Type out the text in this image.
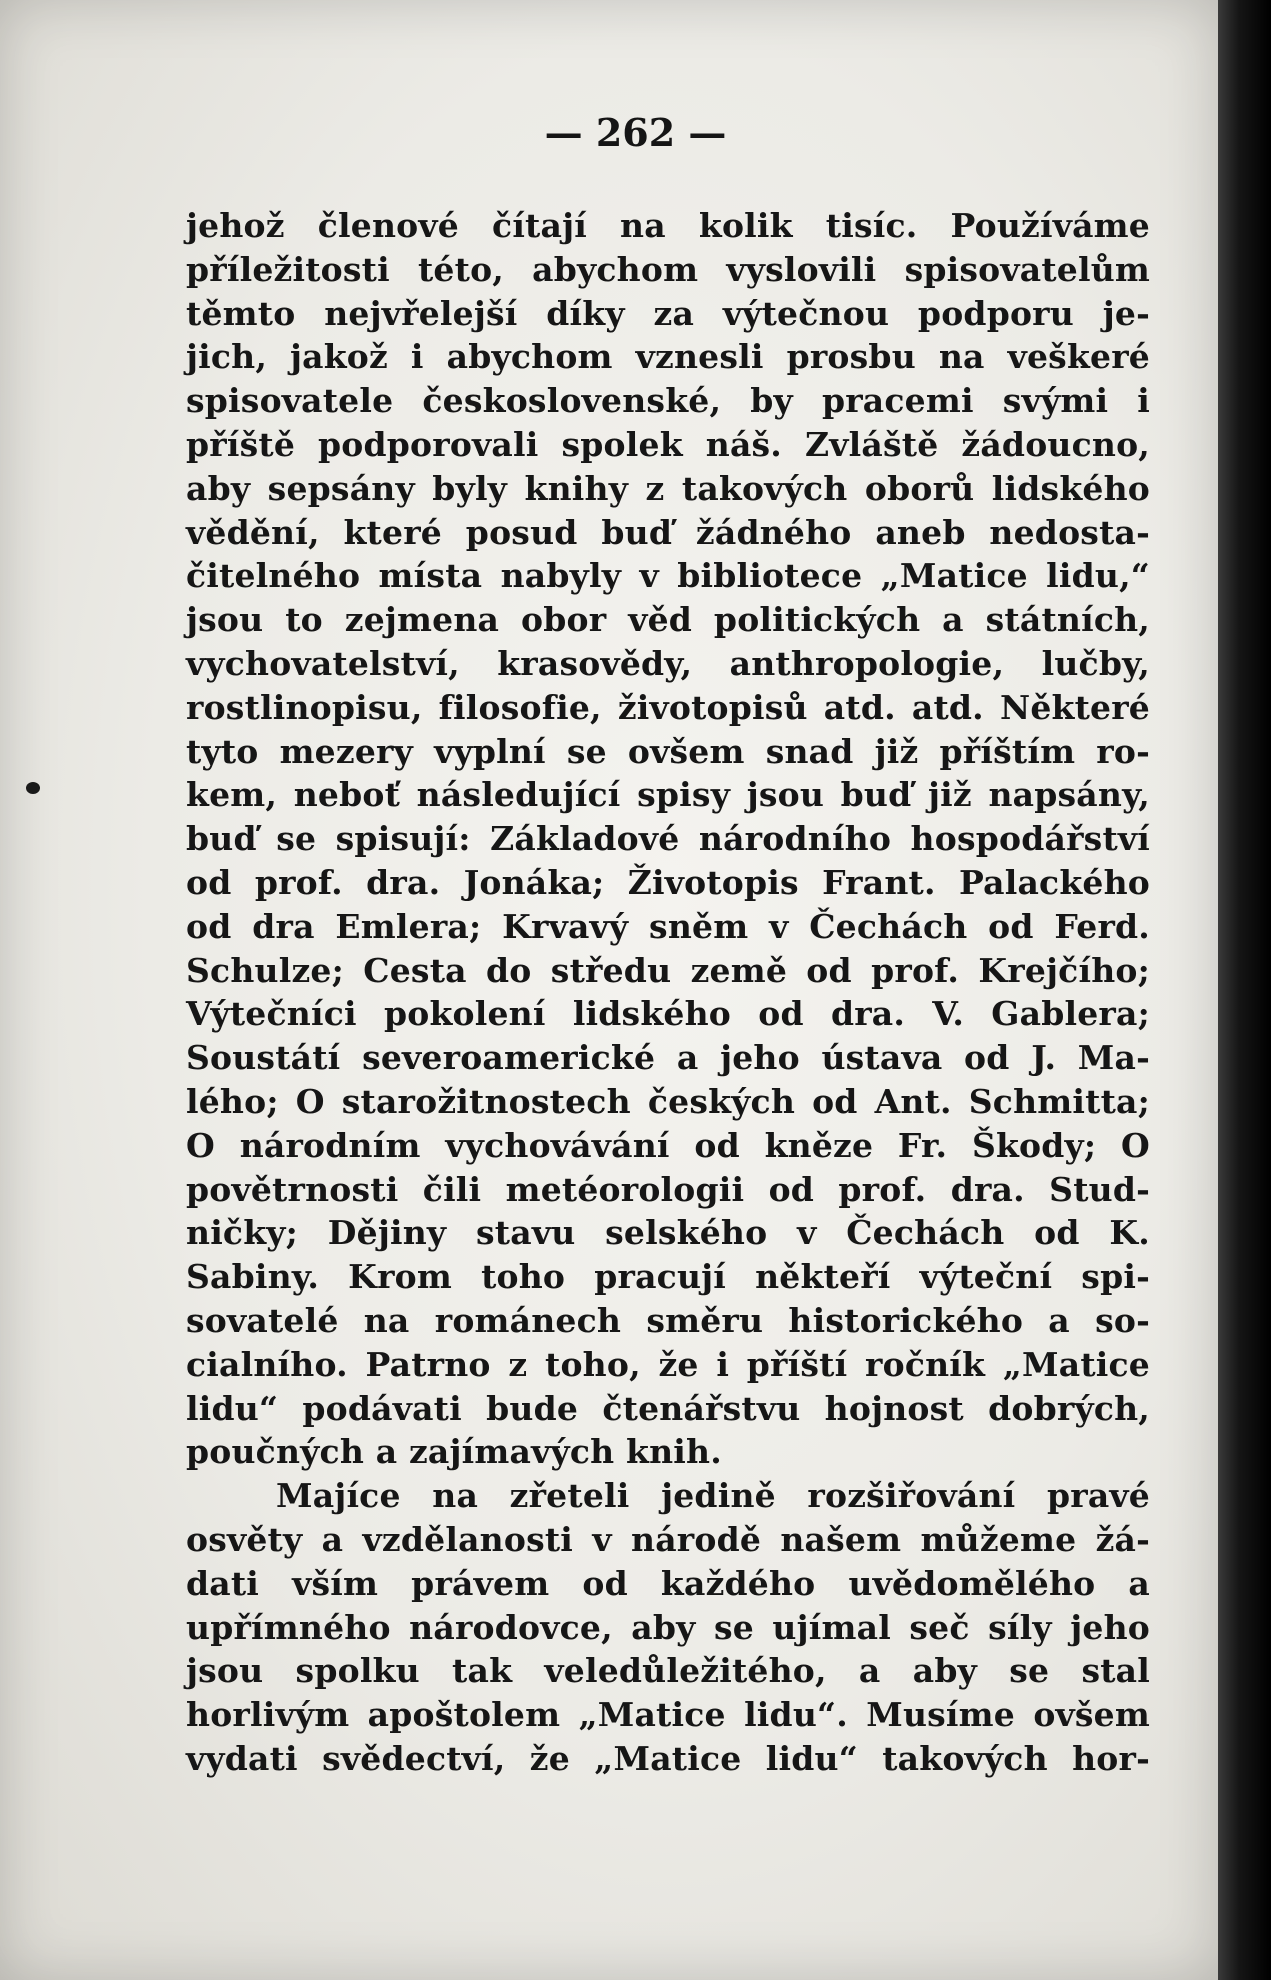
— 262 —
jehož členové čítají na kolik tisíc. Používáme
příležitosti této, abychom vyslovili spisovatelům
těmto nejvřelejší díky za výtečnou podporu je-
jich, jakož i abychom vznesli prosbu na veškeré
spisovatele československé, by pracemi svými i
příště podporovali spolek náš. Zvláště žádoucno,
aby sepsány byly knihy z takových oborů lidského
vědění, které posud buď žádného aneb nedosta-
čitelného místa nabyly v bibliotece „Matice lidu,“
jsou to zejmena obor věd politických a státních,
vychovatelství, krasovědy, anthropologie, lučby,
rostlinopisu, filosofie, životopisů atd. atd. Některé
tyto mezery vyplní se ovšem snad již příštím ro-
kem, neboť následující spisy jsou buď již napsány,
buď se spisují: Základové národního hospodářství
od prof. dra. Jonáka; Životopis Frant. Palackého
od dra Emlera; Krvavý sněm v Čechách od Ferd.
Schulze; Cesta do středu země od prof. Krejčího;
Výtečníci pokolení lidského od dra. V. Gablera;
Soustátí severoamerické a jeho ústava od J. Ma-
lého; O starožitnostech českých od Ant. Schmitta;
O národním vychovávání od kněze Fr. Škody; O
povětrnosti čili metéorologii od prof. dra. Stud-
ničky; Dějiny stavu selského v Čechách od K.
Sabiny. Krom toho pracují někteří výteční spi-
sovatelé na románech směru historického a so-
cialního. Patrno z toho, že i příští ročník „Matice
lidu“ podávati bude čtenářstvu hojnost dobrých,
poučných a zajímavých knih.
Majíce na zřeteli jedině rozšiřování pravé
osvěty a vzdělanosti v národě našem můžeme žá-
dati vším právem od každého uvědomělého a
upřímného národovce, aby se ujímal seč síly jeho
jsou spolku tak veledůležitého, a aby se stal
horlivým apoštolem „Matice lidu“. Musíme ovšem
vydati svědectví, že „Matice lidu“ takových hor-
